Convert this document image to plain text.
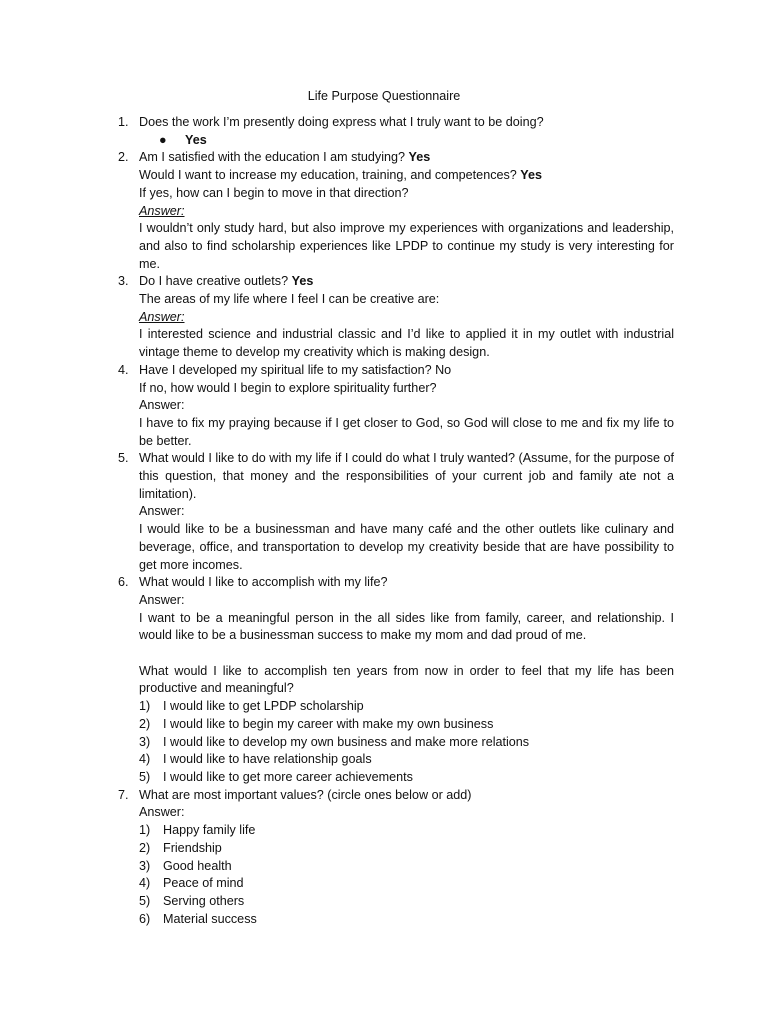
Life Purpose Questionnaire
1. Does the work I’m presently doing express what I truly want to be doing?
● Yes
2. Am I satisfied with the education I am studying? Yes
Would I want to increase my education, training, and competences? Yes
If yes, how can I begin to move in that direction?
Answer:
I wouldn’t only study hard, but also improve my experiences with organizations and leadership, and also to find scholarship experiences like LPDP to continue my study is very interesting for me.
3. Do I have creative outlets? Yes
The areas of my life where I feel I can be creative are:
Answer:
I interested science and industrial classic and I’d like to applied it in my outlet with industrial vintage theme to develop my creativity which is making design.
4. Have I developed my spiritual life to my satisfaction? No
If no, how would I begin to explore spirituality further?
Answer:
I have to fix my praying because if I get closer to God, so God will close to me and fix my life to be better.
5. What would I like to do with my life if I could do what I truly wanted? (Assume, for the purpose of this question, that money and the responsibilities of your current job and family ate not a limitation).
Answer:
I would like to be a businessman and have many café and the other outlets like culinary and beverage, office, and transportation to develop my creativity beside that are have possibility to get more incomes.
6. What would I like to accomplish with my life?
Answer:
I want to be a meaningful person in the all sides like from family, career, and relationship. I would like to be a businessman success to make my mom and dad proud of me.
What would I like to accomplish ten years from now in order to feel that my life has been productive and meaningful?
1)	I would like to get LPDP scholarship
2)	I would like to begin my career with make my own business
3)	I would like to develop my own business and make more relations
4)	I would like to have relationship goals
5)	I would like to get more career achievements
7. What are most important values? (circle ones below or add)
Answer:
1)	Happy family life
2)	Friendship
3)	Good health
4)	Peace of mind
5)	Serving others
6)	Material success
